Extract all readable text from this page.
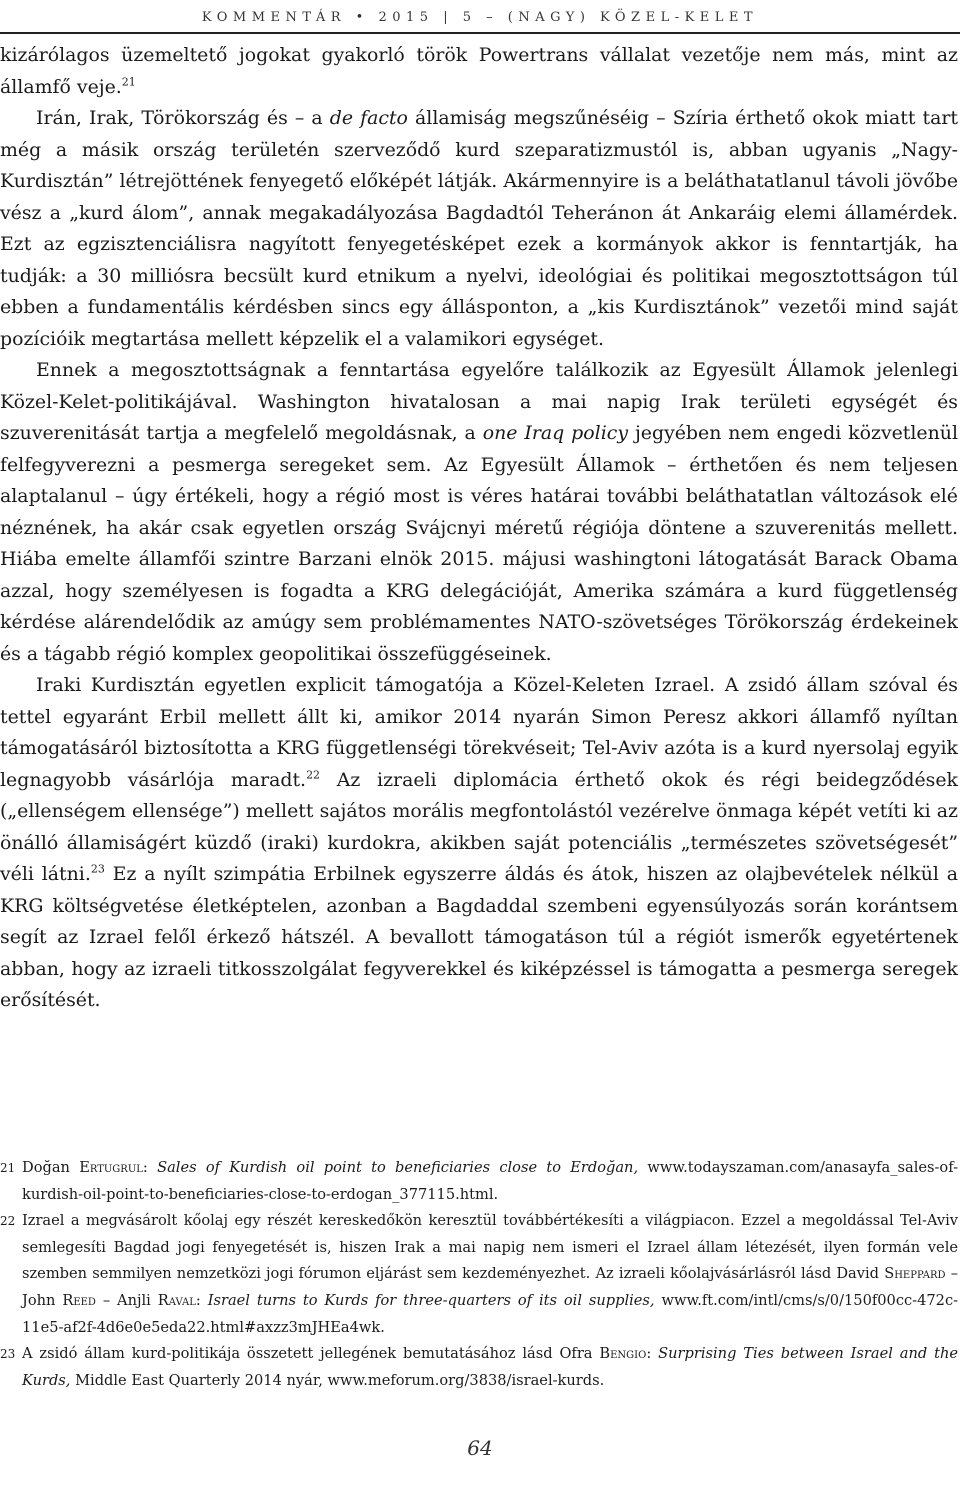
KOMMENTÁR • 2015 | 5 – (NAGY) KÖZEL-KELET

kizárólagos üzemeltető jogokat gyakorló török Powertrans vállalat vezetője nem más, mint az államfő veje.$^{21}$

Irán, Irak, Törökország és – a de facto államiság megszűnéséig – Szíria érthető okok miatt tart még a másik ország területén szerveződő kurd szeparatizmustól is, abban ugyanis „Nagy-Kurdisztán” létrejöttének fenyegető előképét látják. Akármennyire is a beláthatatlanul távoli jövőbe vész a „kurd álom”, annak megakadályozása Bagdadtól Teheránon át Ankaráig elemi államérdek. Ezt az egzisztenciálisra nagyított fenyegetésképet ezek a kormányok akkor is fenntartják, ha tudják: a 30 milliósra becsült kurd etnikum a nyelvi, ideológiai és politikai megosztottságon túl ebben a fundamentális kérdésben sincs egy állásponton, a „kis Kurdisztánok” vezetői mind saját pozícióik megtartása mellett képzelik el a valamikori egységet.

Ennek a megosztottságnak a fenntartása egyelőre találkozik az Egyesült Államok jelenlegi Közel-Kelet-politikájával. Washington hivatalosan a mai napig Irak területi egységét és szuverenitását tartja a megfelelő megoldásnak, a one Iraq policy jegyében nem engedi közvetlenül felfegyverezni a pesmerga seregeket sem. Az Egyesült Államok – érthetően és nem teljesen alaptalanul – úgy értékeli, hogy a régió most is véres határai további beláthatatlan változások elé néznének, ha akár csak egyetlen ország Svájcnyi méretű régiója döntene a szuverenitás mellett. Hiába emelte államfői szintre Barzani elnök 2015. májusi washingtoni látogatását Barack Obama azzal, hogy személyesen is fogadta a KRG delegációját, Amerika számára a kurd függetlenség kérdése alárendelődik az amúgy sem problémamentes NATO-szövetséges Törökország érdekeinek és a tágabb régió komplex geopolitikai összefüggéseinek.

Iraki Kurdisztán egyetlen explicit támogatója a Közel-Keleten Izrael. A zsidó állam szóval és tettel egyaránt Erbil mellett állt ki, amikor 2014 nyarán Simon Peresz akkori államfő nyíltan támogatásáról biztosította a KRG függetlenségi törekvéseit; Tel-Aviv azóta is a kurd nyersolaj egyik legnagyobb vásárlója maradt.$^{22}$ Az izraeli diplomácia érthető okok és régi beidegződések („ellenségem ellensége”) mellett sajátos morális megfontolástól vezérelve önmaga képét vetíti ki az önálló államiságért küzdő (iraki) kurdokra, akikben saját potenciális „természetes szövetségesét” véli látni.$^{23}$ Ez a nyílt szimpátia Erbilnek egyszerre áldás és átok, hiszen az olajbevételek nélkül a KRG költségvetése életképtelen, azonban a Bagdaddal szembeni egyensúlyozás során korántsem segít az Izrael felől érkező hátszél. A bevallott támogatáson túl a régiót ismerők egyetértenek abban, hogy az izraeli titkosszolgálat fegyverekkel és kiképzéssel is támogatta a pesmerga seregek erősítését.

21 Doğan Ertugrul: Sales of Kurdish oil point to beneficiaries close to Erdoğan, www.todayszaman.com/anasayfa_sales-of-kurdish-oil-point-to-beneficiaries-close-to-erdogan_377115.html.
22 Izrael a megvásárolt kőolaj egy részét kereskedőkön keresztül továbbértékesíti a világpiacon. Ezzel a megoldással Tel-Aviv semlegesíti Bagdad jogi fenyegetését is, hiszen Irak a mai napig nem ismeri el Izrael állam létezését, ilyen formán vele szemben semmilyen nemzetközi jogi fórumon eljárást sem kezdeményezhet. Az izraeli kőolajvásárlásról lásd David Sheppard – John Reed – Anjli Raval: Israel turns to Kurds for three-quarters of its oil supplies, www.ft.com/intl/cms/s/0/150f00cc-472c-11e5-af2f-4d6e0e5eda22.html#axzz3mJHEa4wk.
23 A zsidó állam kurd-politikája összetett jellegének bemutatásához lásd Ofra Bengio: Surprising Ties between Israel and the Kurds, Middle East Quarterly 2014 nyár, www.meforum.org/3838/israel-kurds.
64
